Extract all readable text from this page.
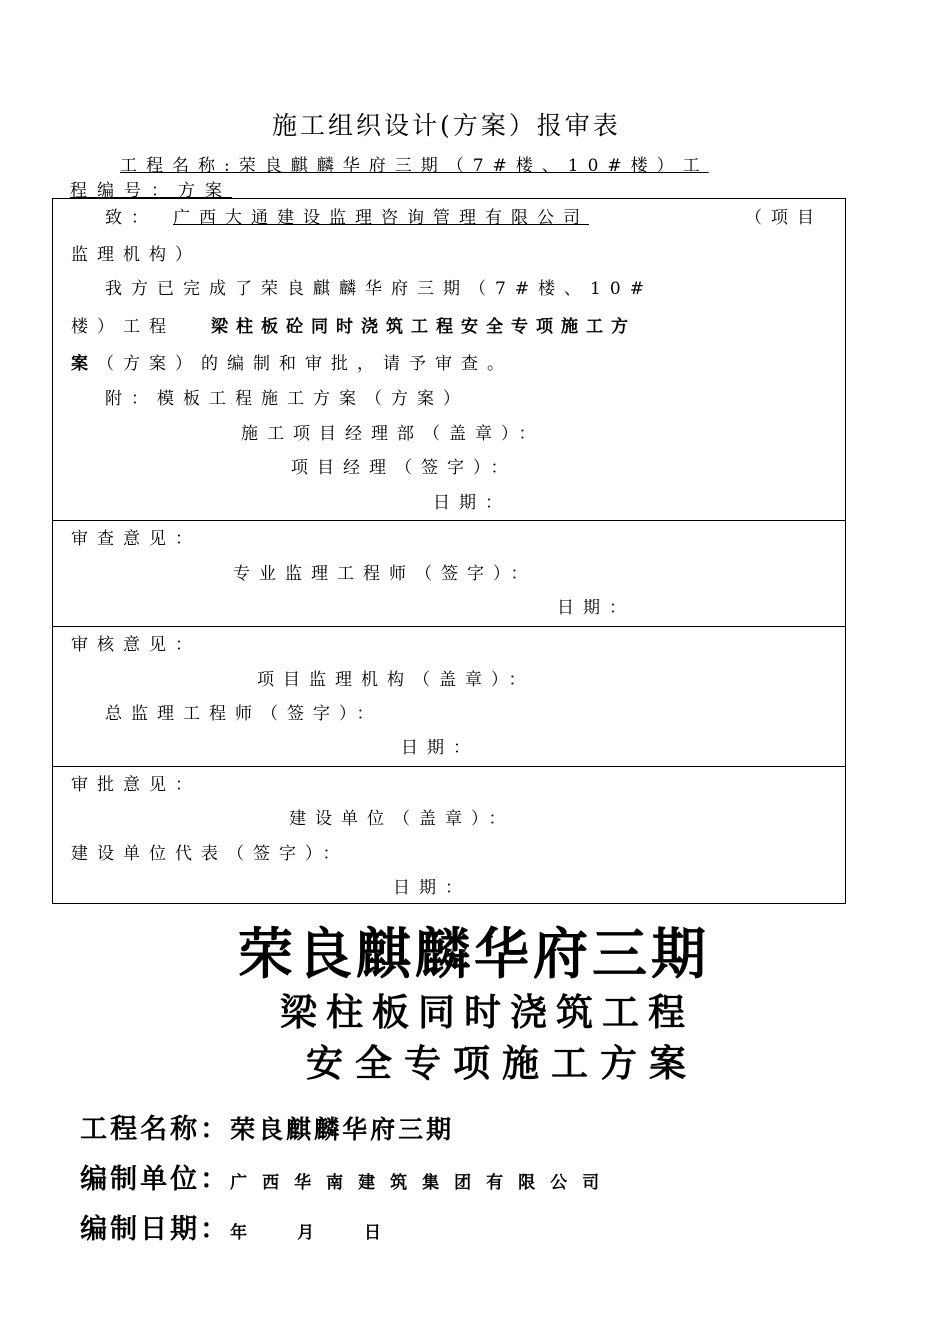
施工组织设计(方案）报审表
工程名称:荣良麒麟华府三期（7#楼、10#楼）工
程编号：方案
致： 广西大通建设监理咨询管理有限公司	（项目
监理机构）
我方已完成了荣良麒麟华府三期（7#楼、10#
楼）工程 梁柱板砼同时浇筑工程安全专项施工方
案 （方案）的编制和审批，请予审查。
附：模板工程施工方案（方案）
施工项目经理部（盖章）：
项目经理（签字）：
日期：
审查意见：
专业监理工程师（签字）：
日期：
审核意见：
项目监理机构（盖章）：
总监理工程师（签字）：
日期：
审批意见：
建设单位（盖章）：
建设单位代表（签字）：
日期：
荣良麒麟华府三期
梁柱板同时浇筑工程
安全专项施工方案

工程名称：荣良麒麟华府三期

编制单位：广西华南建筑集团有限公司

编制日期：年 月 日
